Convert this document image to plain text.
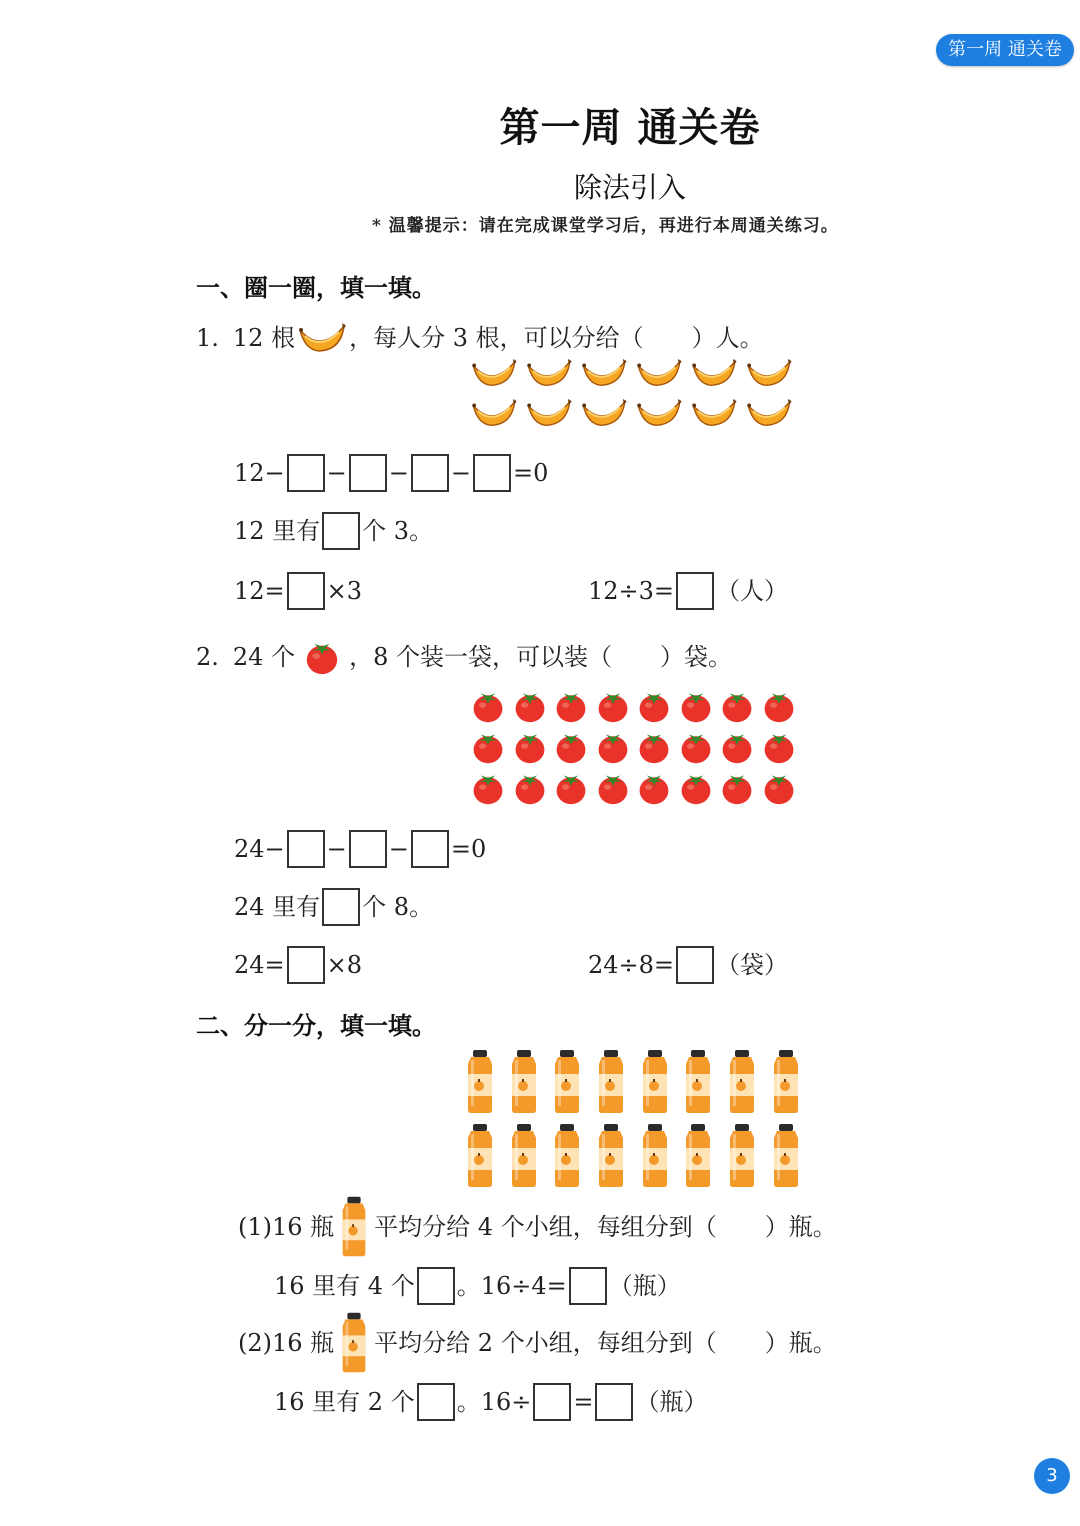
第一周 通关卷
第一周 通关卷
除法引入
* 温馨提示：请在完成课堂学习后，再进行本周通关练习。
一、圈一圈，填一填。
1. 12 根 ，每人分 3 根，可以分给（　　）人。
12− − − − =0
12 里有 个 3。
12= ×3	12÷3= （人）
2. 24 个 ，8 个装一袋，可以装（　　）袋。
24− − − =0
24 里有 个 8。
24= ×8	24÷8= （袋）
二、分一分，填一填。
(1)16 瓶 平均分给 4 个小组，每组分到（　　）瓶。
16 里有 4 个 。16÷4= （瓶）
(2)16 瓶 平均分给 2 个小组，每组分到（　　）瓶。
16 里有 2 个 。16÷ = （瓶）
3
